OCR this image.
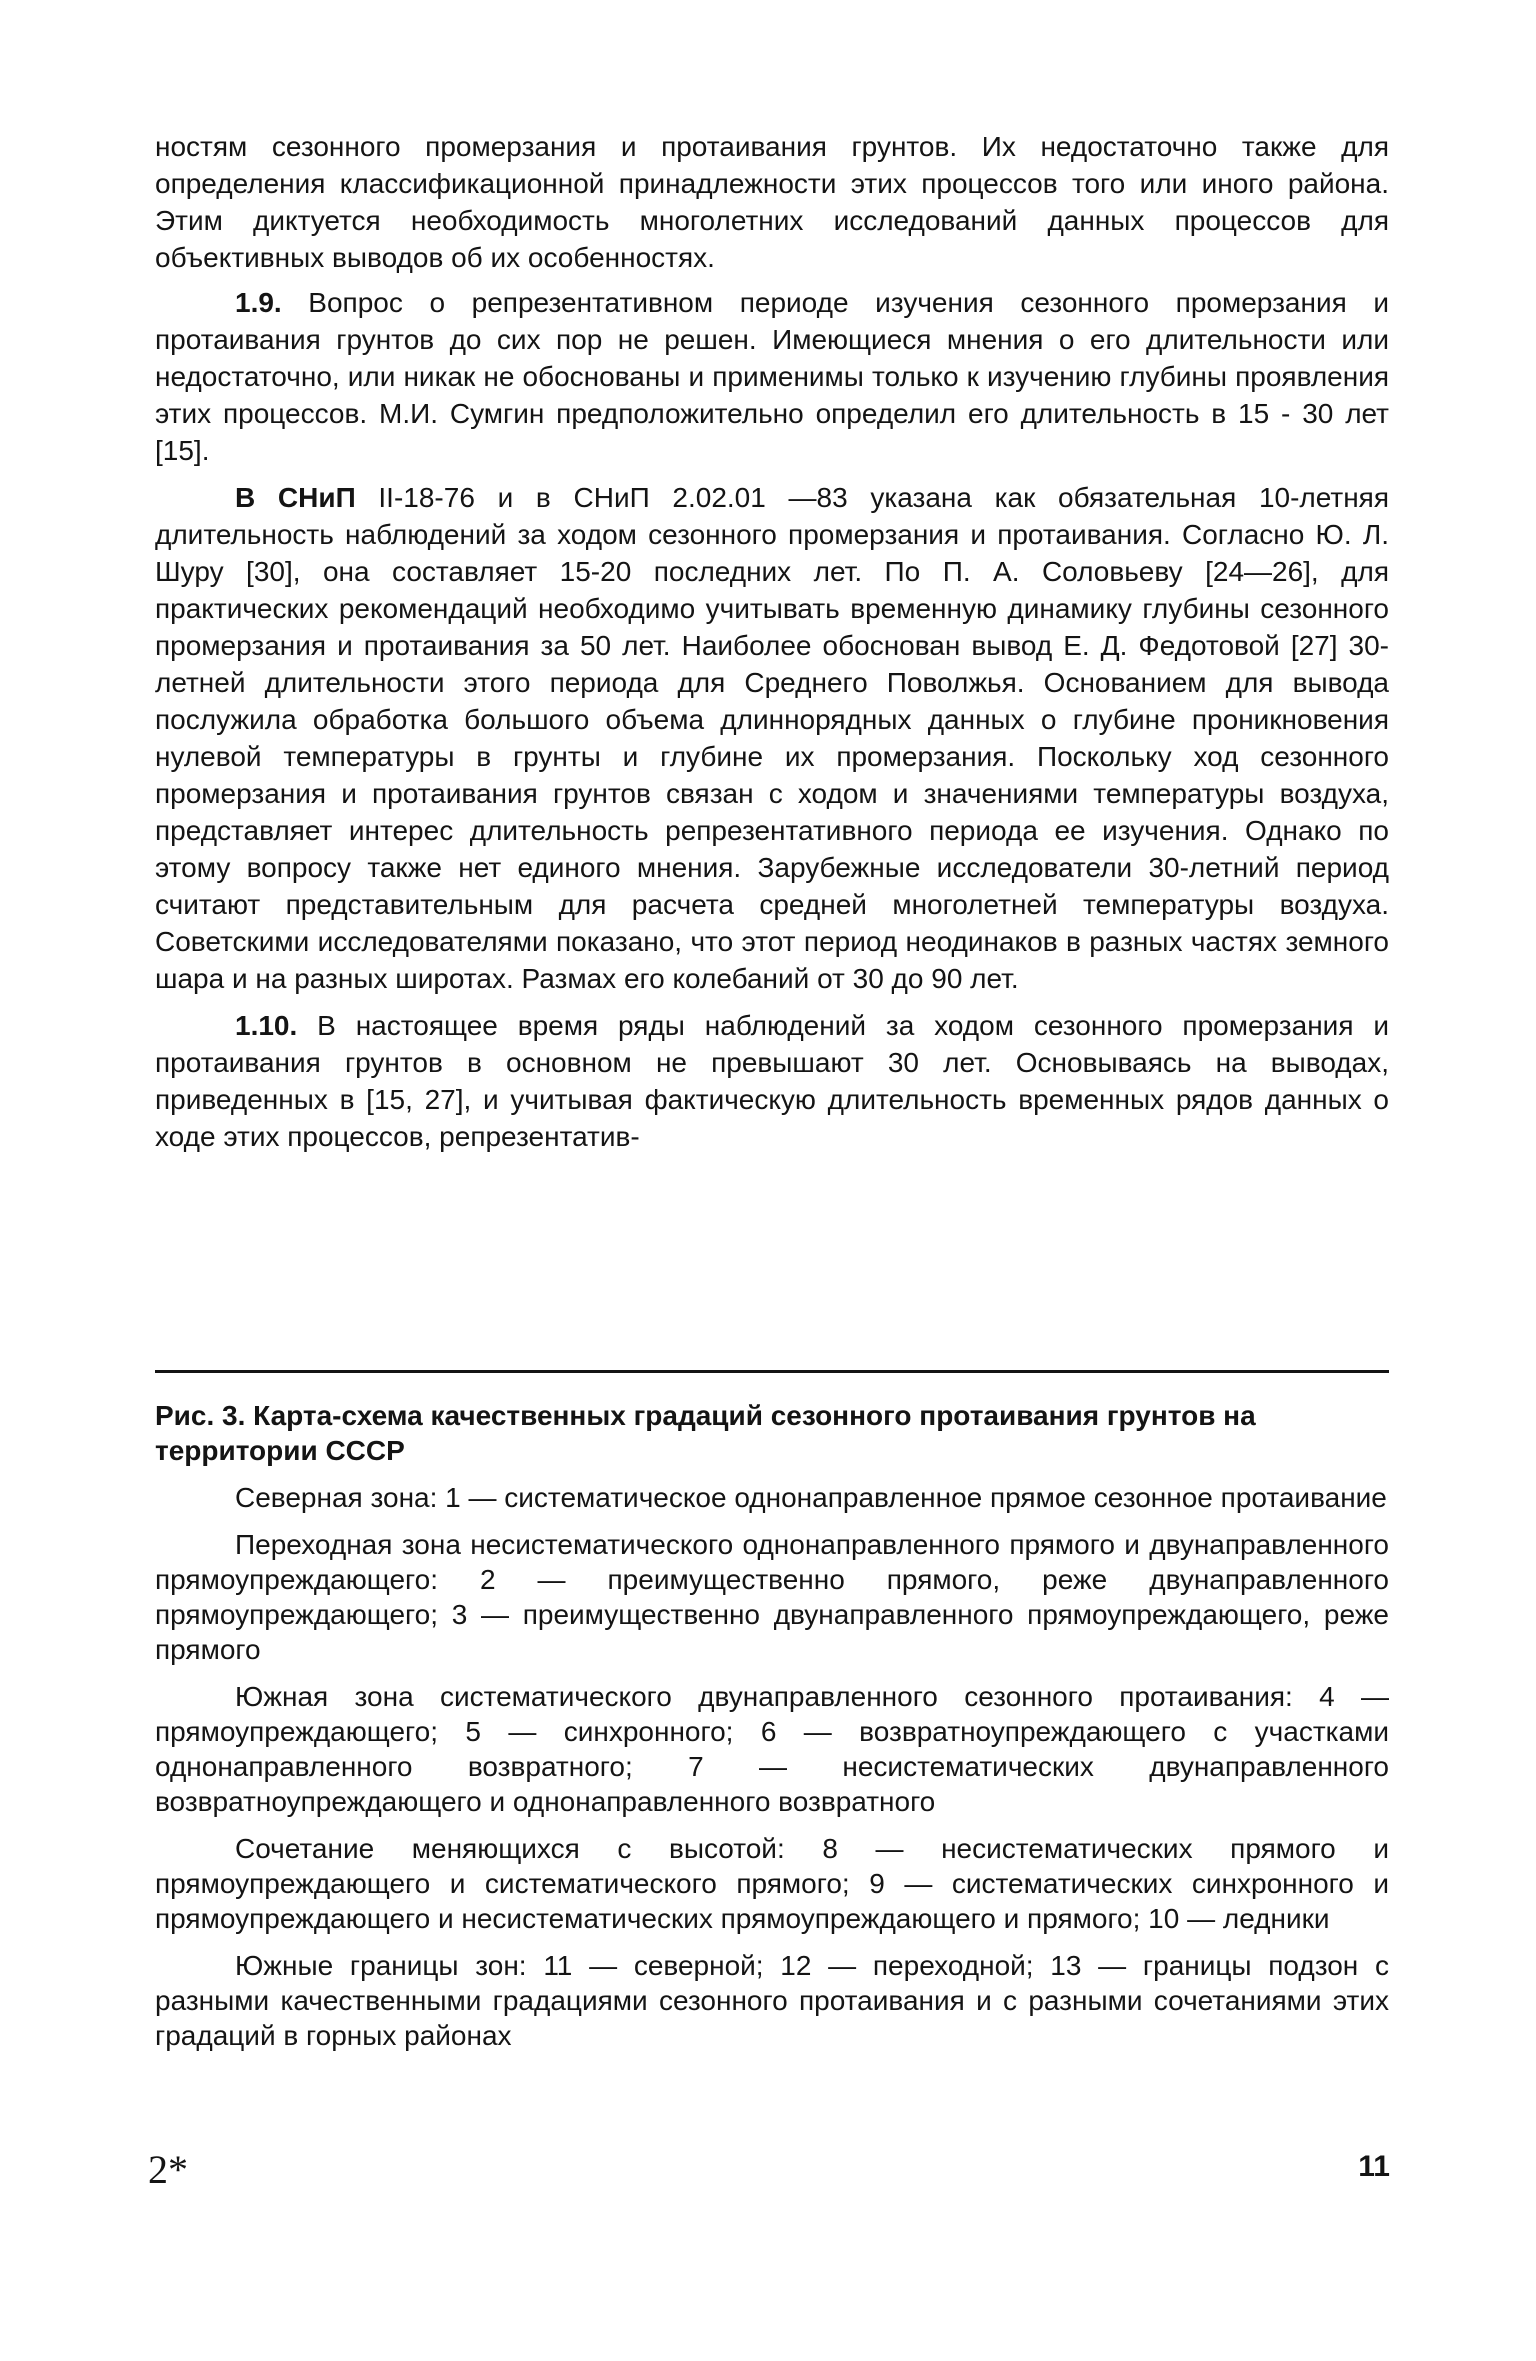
ностям сезонного промерзания и протаивания грунтов. Их недостаточно также для определения классификационной принадлежности этих процессов того или иного района. Этим диктуется необходимость многолетних исследований данных процессов для объективных выводов об их особенностях.

1.9. Вопрос о репрезентативном периоде изучения сезонного промерзания и протаивания грунтов до сих пор не решен. Имеющиеся мнения о его длительности или недостаточно, или никак не обоснованы и применимы только к изучению глубины проявления этих процессов. М.И. Сумгин предположительно определил его длительность в 15 - 30 лет [15].

В СНиП II-18-76 и в СНиП 2.02.01 —83 указана как обязательная 10-летняя длительность наблюдений за ходом сезонного промерзания и протаивания. Согласно Ю. Л. Шуру [30], она составляет 15-20 последних лет. По П. А. Соловьеву [24—26], для практических рекомендаций необходимо учитывать временную динамику глубины сезонного промерзания и протаивания за 50 лет. Наиболее обоснован вывод Е. Д. Федотовой [27] 30-летней длительности этого периода для Среднего Поволжья. Основанием для вывода послужила обработка большого объема длиннорядных данных о глубине проникновения нулевой температуры в грунты и глубине их промерзания. Поскольку ход сезонного промерзания и протаивания грунтов связан с ходом и значениями температуры воздуха, представляет интерес длительность репрезентативного периода ее изучения. Однако по этому вопросу также нет единого мнения. Зарубежные исследователи 30-летний период считают представительным для расчета средней многолетней температуры воздуха. Советскими исследователями показано, что этот период неодинаков в разных частях земного шара и на разных широтах. Размах его колебаний от 30 до 90 лет.

1.10. В настоящее время ряды наблюдений за ходом сезонного промерзания и протаивания грунтов в основном не превышают 30 лет. Основываясь на выводах, приведенных в [15, 27], и учитывая фактическую длительность временных рядов данных о ходе этих процессов, репрезентатив-

Рис. 3. Карта-схема качественных градаций сезонного протаивания грунтов на территории СССР

Северная зона: 1 — систематическое однонаправленное прямое сезонное протаивание

Переходная зона несистематического однонаправленного прямого и двунаправленного прямоупреждающего: 2 — преимущественно прямого, реже двунаправленного прямоупреждающего; 3 — преимущественно двунаправленного прямоупреждающего, реже прямого

Южная зона систематического двунаправленного сезонного протаивания: 4 — прямоупреждающего; 5 — синхронного; 6 — возвратноупреждающего с участками однонаправленного возвратного; 7 — несистематических двунаправленного возвратноупреждающего и однонаправленного возвратного

Сочетание меняющихся с высотой: 8 — несистематических прямого и прямоупреждающего и систематического прямого; 9 — систематических синхронного и прямоупреждающего и несистематических прямоупреждающего и прямого; 10 — ледники

Южные границы зон: 11 — северной; 12 — переходной; 13 — границы подзон с разными качественными градациями сезонного протаивания и с разными сочетаниями этих градаций в горных районах

2*	11
